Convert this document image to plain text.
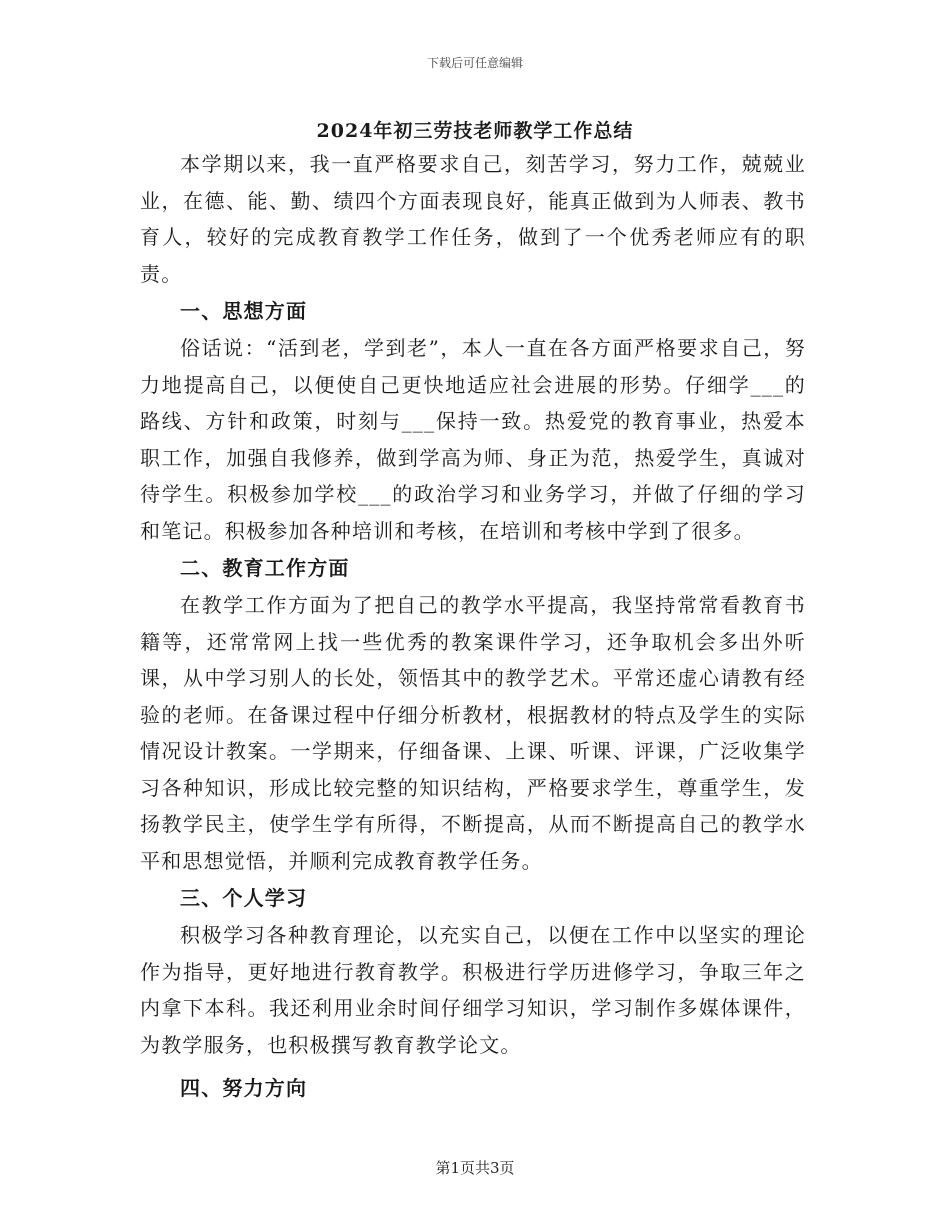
下载后可任意编辑
2024年初三劳技老师教学工作总结

本学期以来，我一直严格要求自己，刻苦学习，努力工作，兢兢业业，在德、能、勤、绩四个方面表现良好，能真正做到为人师表、教书育人，较好的完成教育教学工作任务，做到了一个优秀老师应有的职责。

一、思想方面

俗话说：“活到老，学到老”，本人一直在各方面严格要求自己，努力地提高自己，以便使自己更快地适应社会进展的形势。仔细学___的路线、方针和政策，时刻与___保持一致。热爱党的教育事业，热爱本职工作，加强自我修养，做到学高为师、身正为范，热爱学生，真诚对待学生。积极参加学校___的政治学习和业务学习，并做了仔细的学习和笔记。积极参加各种培训和考核，在培训和考核中学到了很多。

二、教育工作方面

在教学工作方面为了把自己的教学水平提高，我坚持常常看教育书籍等，还常常网上找一些优秀的教案课件学习，还争取机会多出外听课，从中学习别人的长处，领悟其中的教学艺术。平常还虚心请教有经验的老师。在备课过程中仔细分析教材，根据教材的特点及学生的实际情况设计教案。一学期来，仔细备课、上课、听课、评课，广泛收集学习各种知识，形成比较完整的知识结构，严格要求学生，尊重学生，发扬教学民主，使学生学有所得，不断提高，从而不断提高自己的教学水平和思想觉悟，并顺利完成教育教学任务。

三、个人学习

积极学习各种教育理论，以充实自己，以便在工作中以坚实的理论作为指导，更好地进行教育教学。积极进行学历进修学习，争取三年之内拿下本科。我还利用业余时间仔细学习知识，学习制作多媒体课件，为教学服务，也积极撰写教育教学论文。

四、努力方向
第1页共3页
